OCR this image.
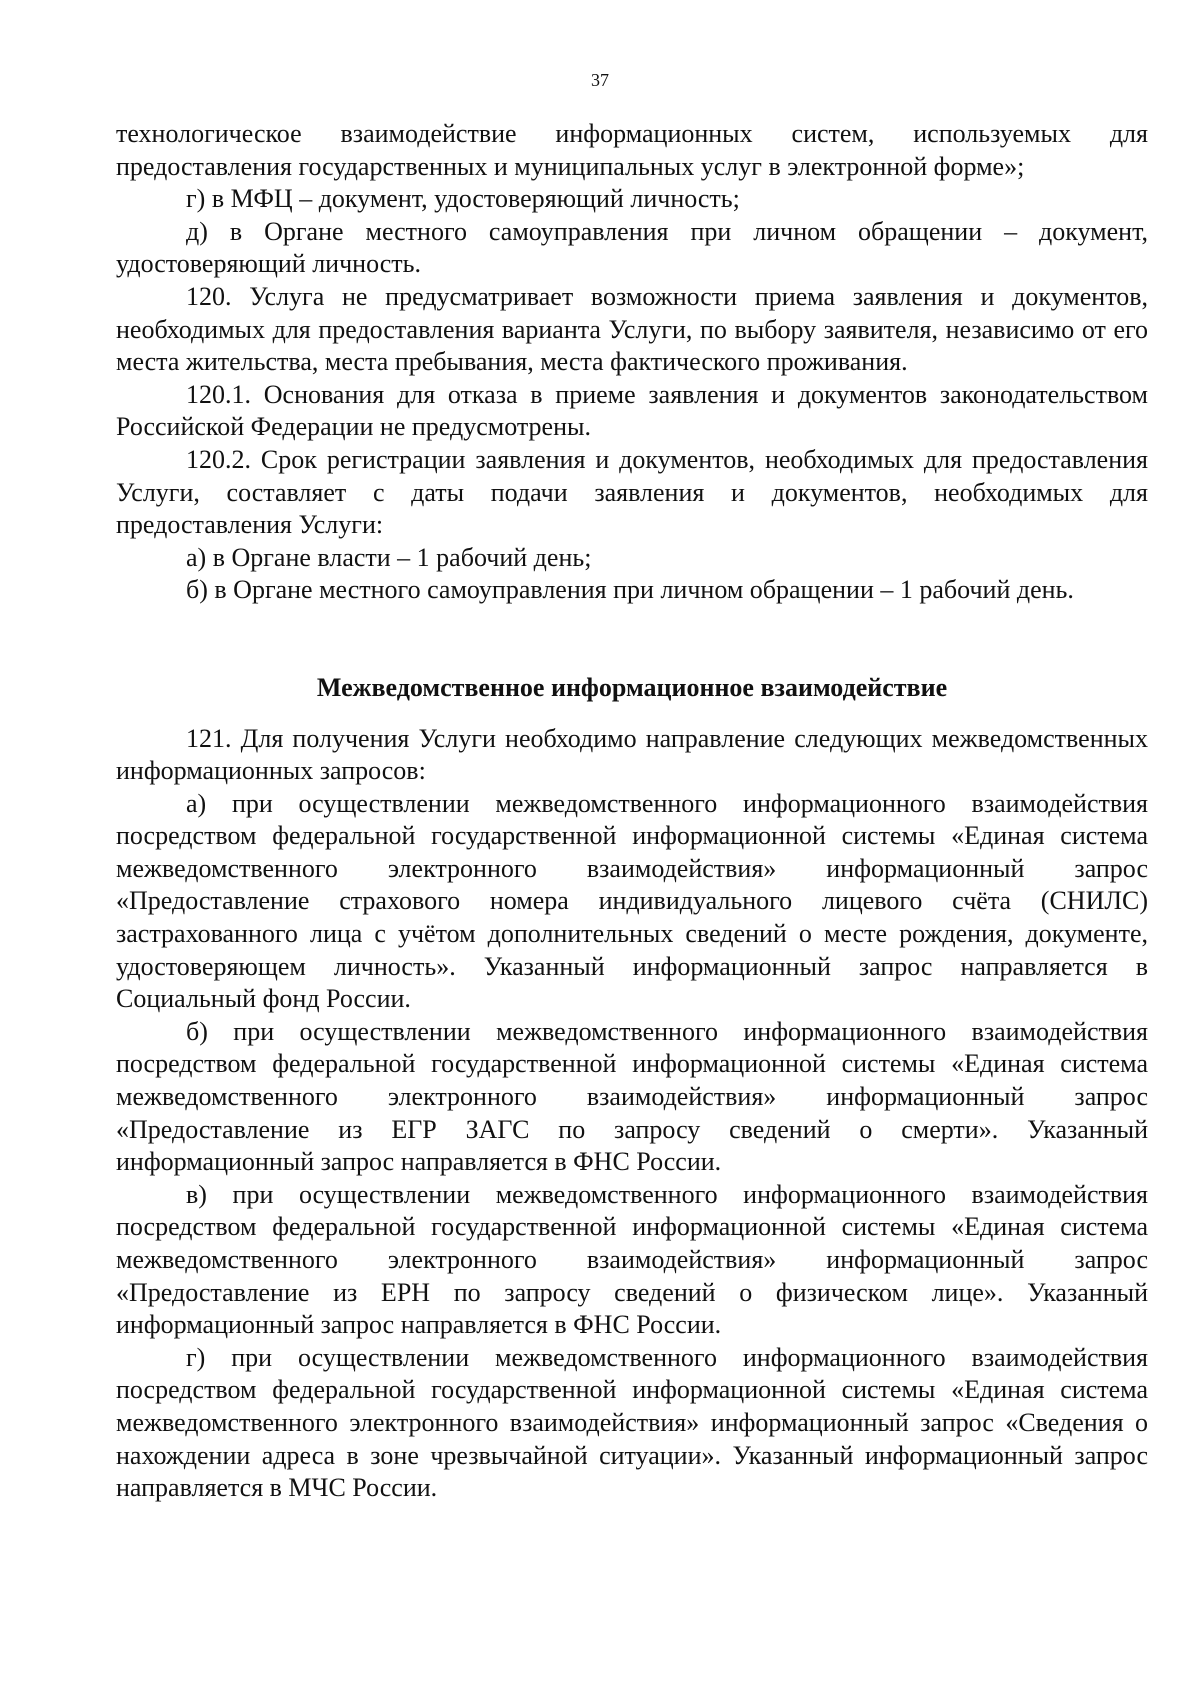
37

технологическое взаимодействие информационных систем, используемых для предоставления государственных и муниципальных услуг в электронной форме»;

г) в МФЦ – документ, удостоверяющий личность;

д) в Органе местного самоуправления при личном обращении – документ, удостоверяющий личность.

120. Услуга не предусматривает возможности приема заявления и документов, необходимых для предоставления варианта Услуги, по выбору заявителя, независимо от его места жительства, места пребывания, места фактического проживания.

120.1. Основания для отказа в приеме заявления и документов законодательством Российской Федерации не предусмотрены.

120.2. Срок регистрации заявления и документов, необходимых для предоставления Услуги, составляет с даты подачи заявления и документов, необходимых для предоставления Услуги:

а) в Органе власти – 1 рабочий день;

б) в Органе местного самоуправления при личном обращении – 1 рабочий день.

Межведомственное информационное взаимодействие

121. Для получения Услуги необходимо направление следующих межведомственных информационных запросов:

а) при осуществлении межведомственного информационного взаимодействия посредством федеральной государственной информационной системы «Единая система межведомственного электронного взаимодействия» информационный запрос «Предоставление страхового номера индивидуального лицевого счёта (СНИЛС) застрахованного лица с учётом дополнительных сведений о месте рождения, документе, удостоверяющем личность». Указанный информационный запрос направляется в Социальный фонд России.

б) при осуществлении межведомственного информационного взаимодействия посредством федеральной государственной информационной системы «Единая система межведомственного электронного взаимодействия» информационный запрос «Предоставление из ЕГР ЗАГС по запросу сведений о смерти». Указанный информационный запрос направляется в ФНС России.

в) при осуществлении межведомственного информационного взаимодействия посредством федеральной государственной информационной системы «Единая система межведомственного электронного взаимодействия» информационный запрос «Предоставление из ЕРН по запросу сведений о физическом лице». Указанный информационный запрос направляется в ФНС России.

г) при осуществлении межведомственного информационного взаимодействия посредством федеральной государственной информационной системы «Единая система межведомственного электронного взаимодействия» информационный запрос «Сведения о нахождении адреса в зоне чрезвычайной ситуации». Указанный информационный запрос направляется в МЧС России.
